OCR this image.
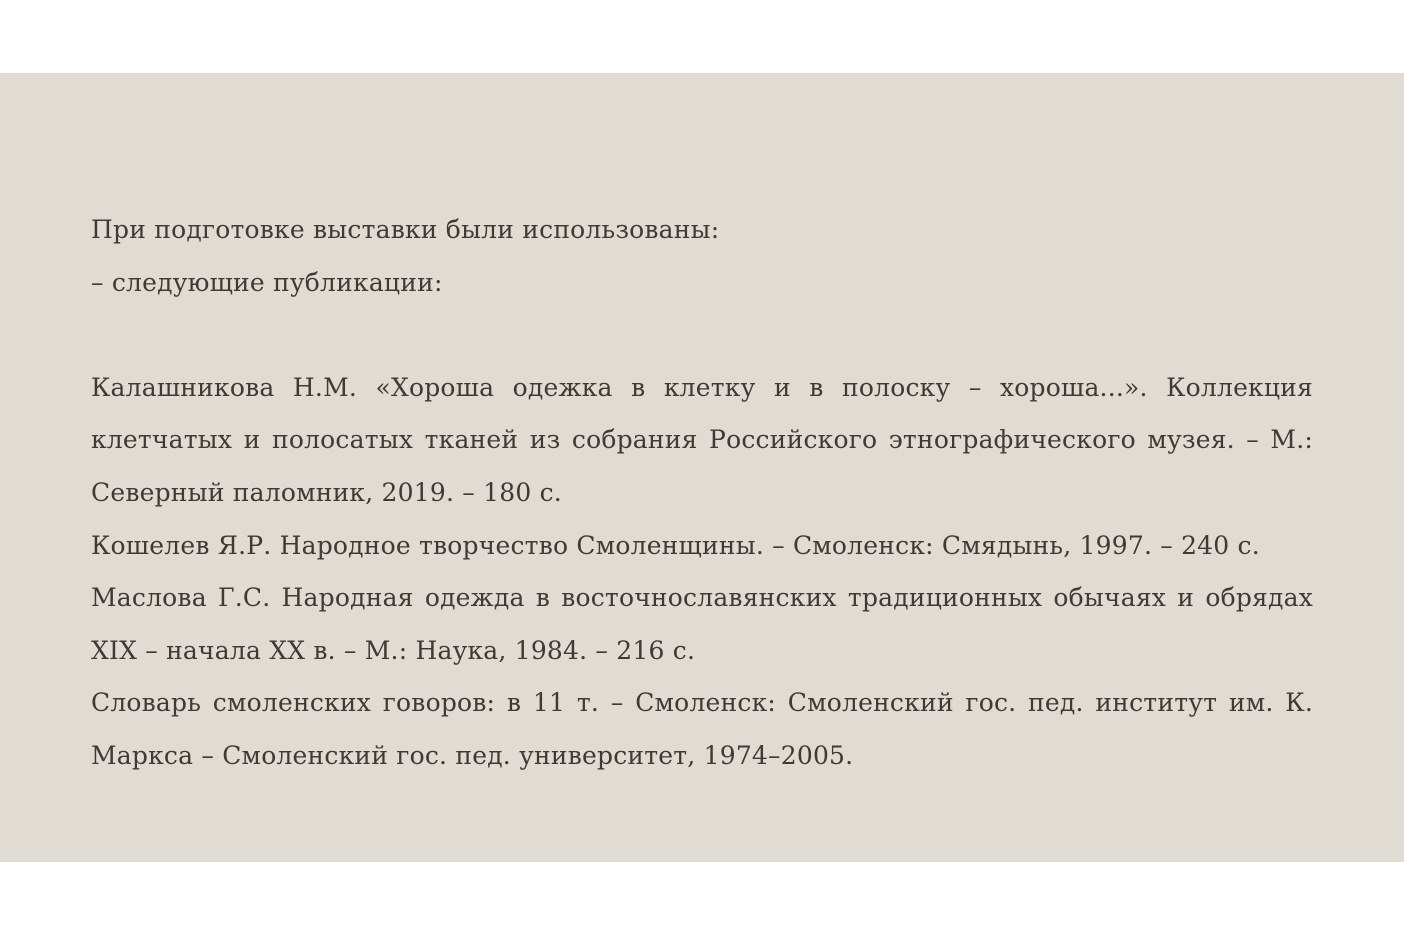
При подготовке выставки были использованы:

– следующие публикации:

Калашникова Н.М. «Хороша одежка в клетку и в полоску – хороша...». Коллекция клетчатых и полосатых тканей из собрания Российского этнографического музея. – М.: Северный паломник, 2019. – 180 с.

Кошелев Я.Р. Народное творчество Смоленщины. – Смоленск: Смядынь, 1997. – 240 с.

Маслова Г.С. Народная одежда в восточнославянских традиционных обычаях и обрядах XIX – начала XX в. – М.: Наука, 1984. – 216 с.

Словарь смоленских говоров: в 11 т. – Смоленск: Смоленский гос. пед. институт им. К. Маркса – Смоленский гос. пед. университет, 1974–2005.
